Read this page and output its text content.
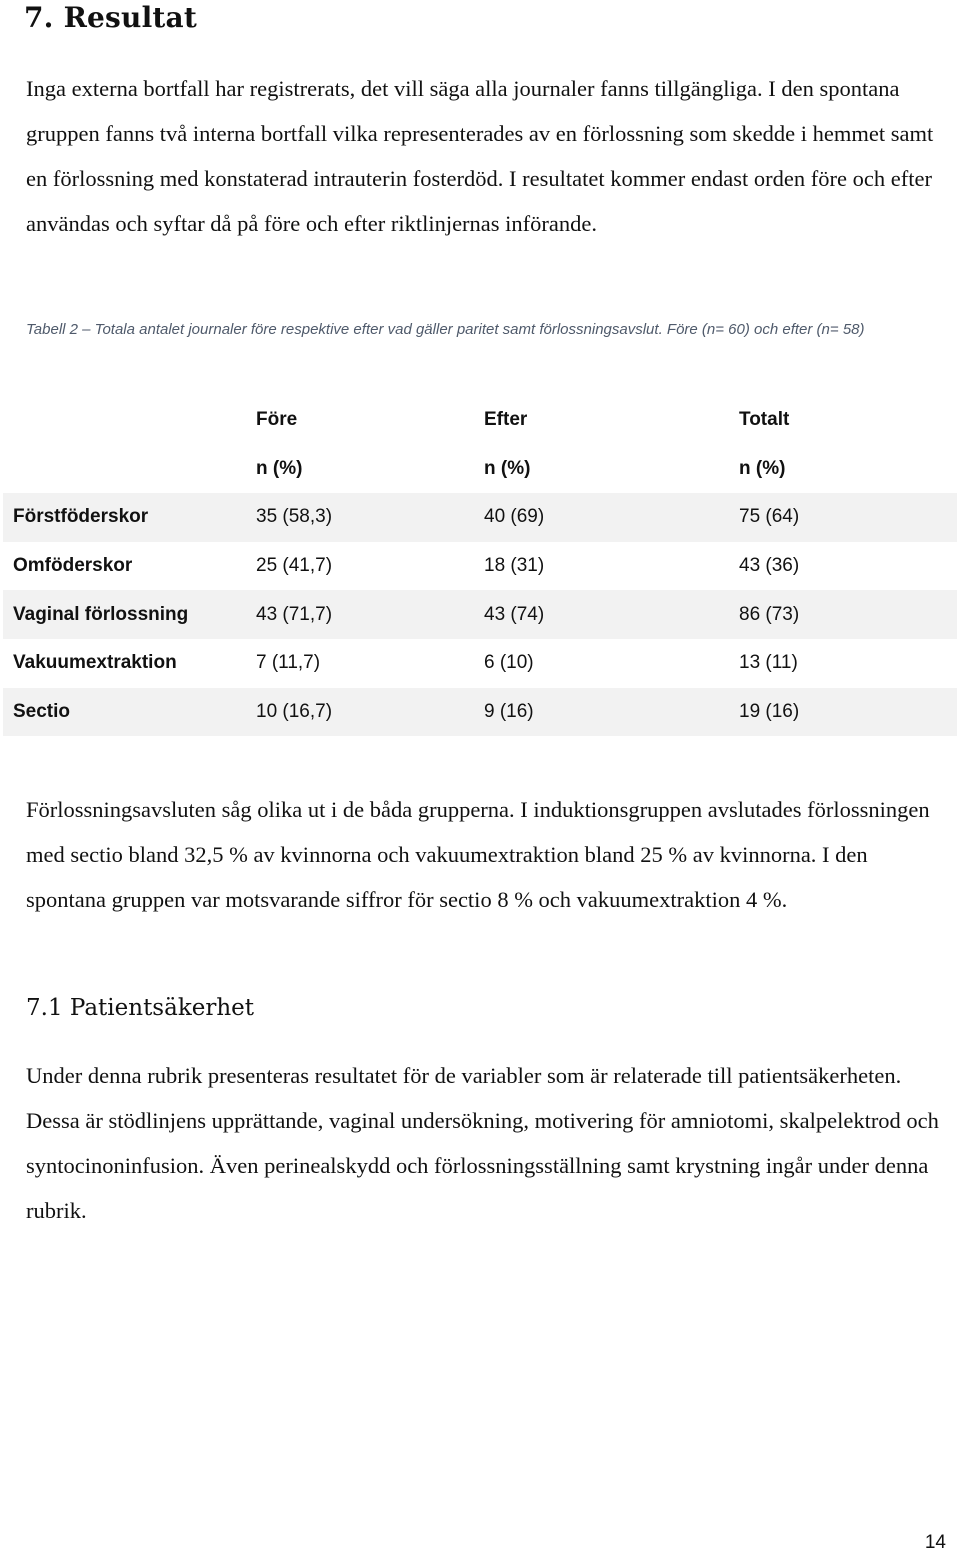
7. Resultat

Inga externa bortfall har registrerats, det vill säga alla journaler fanns tillgängliga. I den spontana gruppen fanns två interna bortfall vilka representerades av en förlossning som skedde i hemmet samt en förlossning med konstaterad intrauterin fosterdöd. I resultatet kommer endast orden före och efter användas och syftar då på före och efter riktlinjernas införande.

Tabell 2 – Totala antalet journaler före respektive efter vad gäller paritet samt förlossningsavslut. Före (n= 60) och efter (n= 58)

	Före	Efter	Totalt
	n (%)	n (%)	n (%)
Förstföderskor	35 (58,3)	40 (69)	75 (64)
Omföderskor	25 (41,7)	18 (31)	43 (36)
Vaginal förlossning	43 (71,7)	43 (74)	86 (73)
Vakuumextraktion	7 (11,7)	6 (10)	13 (11)
Sectio	10 (16,7)	9 (16)	19 (16)

Förlossningsavsluten såg olika ut i de båda grupperna. I induktionsgruppen avslutades förlossningen med sectio bland 32,5 % av kvinnorna och vakuumextraktion bland 25 % av kvinnorna. I den spontana gruppen var motsvarande siffror för sectio 8 % och vakuumextraktion 4 %.

7.1 Patientsäkerhet

Under denna rubrik presenteras resultatet för de variabler som är relaterade till patientsäkerheten. Dessa är stödlinjens upprättande, vaginal undersökning, motivering för amniotomi, skalpelektrod och syntocinoninfusion. Även perinealskydd och förlossningsställning samt krystning ingår under denna rubrik.

14
